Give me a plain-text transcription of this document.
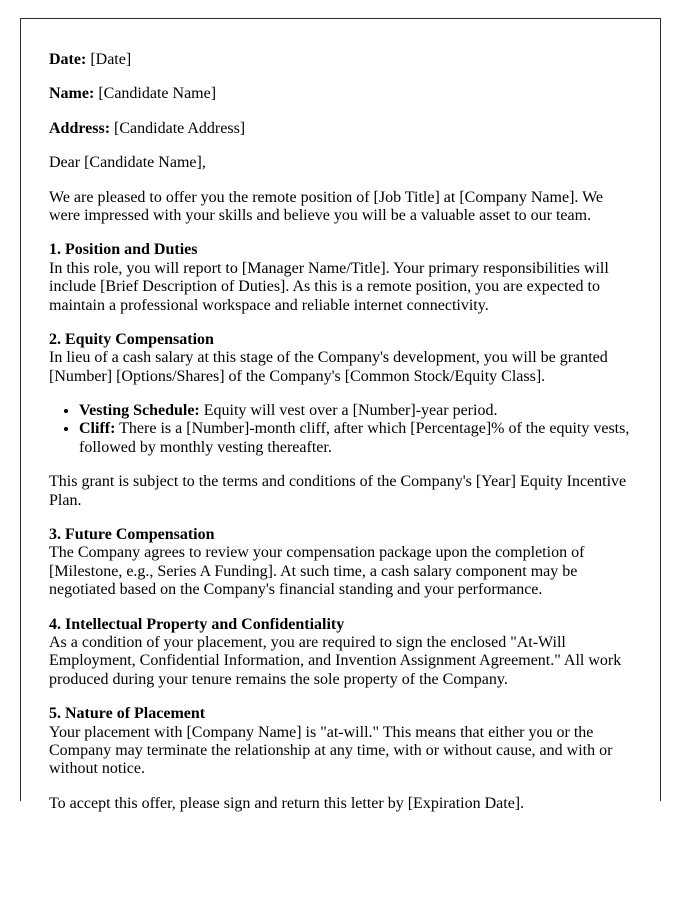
Date: [Date]

Name: [Candidate Name]

Address: [Candidate Address]

Dear [Candidate Name],

We are pleased to offer you the remote position of [Job Title] at [Company Name]. We were impressed with your skills and believe you will be a valuable asset to our team.

1. Position and Duties
In this role, you will report to [Manager Name/Title]. Your primary responsibilities will include [Brief Description of Duties]. As this is a remote position, you are expected to maintain a professional workspace and reliable internet connectivity.

2. Equity Compensation
In lieu of a cash salary at this stage of the Company's development, you will be granted [Number] [Options/Shares] of the Company's [Common Stock/Equity Class].

• Vesting Schedule: Equity will vest over a [Number]-year period.
• Cliff: There is a [Number]-month cliff, after which [Percentage]% of the equity vests, followed by monthly vesting thereafter.

This grant is subject to the terms and conditions of the Company's [Year] Equity Incentive Plan.

3. Future Compensation
The Company agrees to review your compensation package upon the completion of [Milestone, e.g., Series A Funding]. At such time, a cash salary component may be negotiated based on the Company's financial standing and your performance.

4. Intellectual Property and Confidentiality
As a condition of your placement, you are required to sign the enclosed "At-Will Employment, Confidential Information, and Invention Assignment Agreement." All work produced during your tenure remains the sole property of the Company.

5. Nature of Placement
Your placement with [Company Name] is "at-will." This means that either you or the Company may terminate the relationship at any time, with or without cause, and with or without notice.

To accept this offer, please sign and return this letter by [Expiration Date].
